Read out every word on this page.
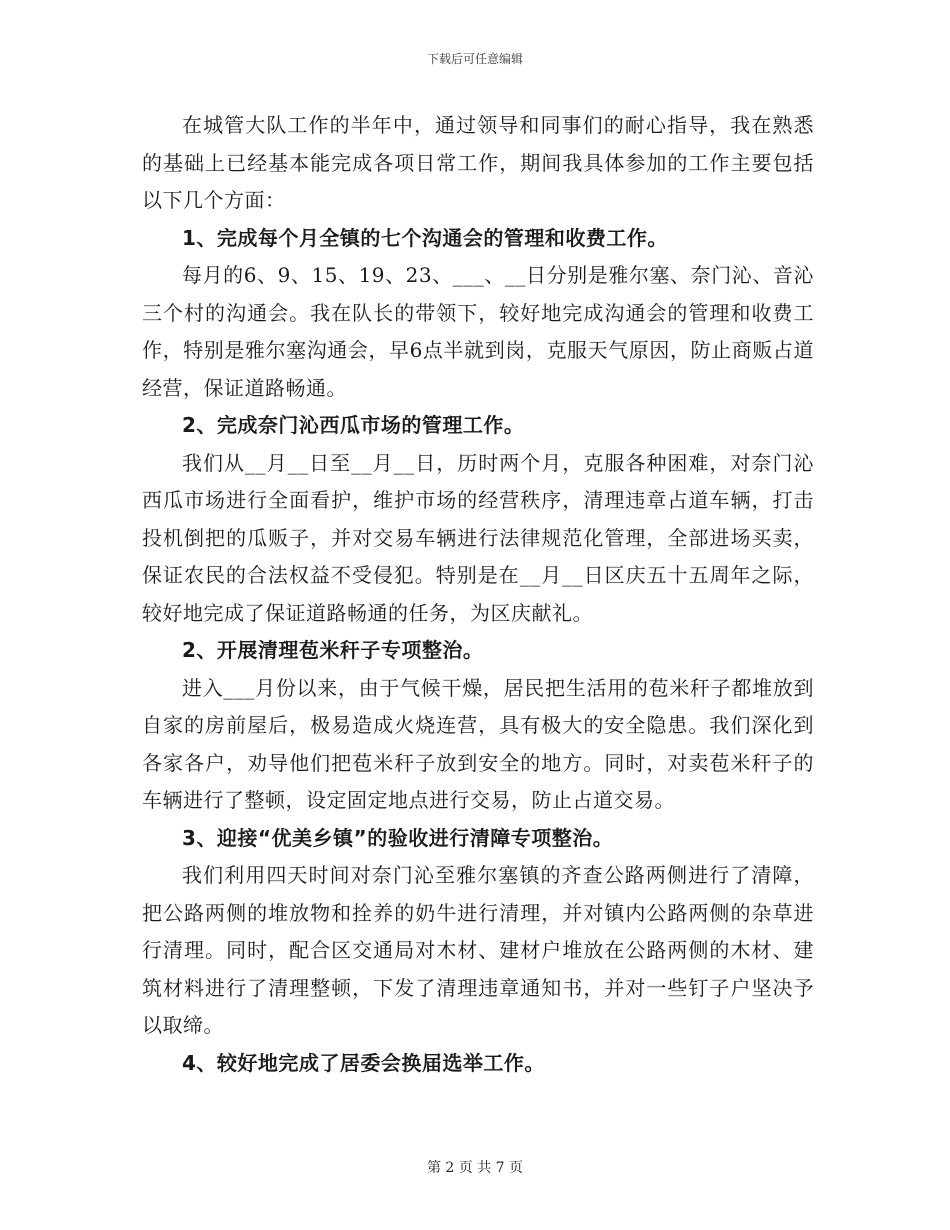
下载后可任意编辑

在城管大队工作的半年中，通过领导和同事们的耐心指导，我在熟悉的基础上已经基本能完成各项日常工作，期间我具体参加的工作主要包括以下几个方面：

1、完成每个月全镇的七个沟通会的管理和收费工作。

每月的6、9、15、19、23、___、__日分别是雅尔塞、奈门沁、音沁三个村的沟通会。我在队长的带领下，较好地完成沟通会的管理和收费工作，特别是雅尔塞沟通会，早6点半就到岗，克服天气原因，防止商贩占道经营，保证道路畅通。

2、完成奈门沁西瓜市场的管理工作。

我们从__月__日至__月__日，历时两个月，克服各种困难，对奈门沁西瓜市场进行全面看护，维护市场的经营秩序，清理违章占道车辆，打击投机倒把的瓜贩子，并对交易车辆进行法律规范化管理，全部进场买卖，保证农民的合法权益不受侵犯。特别是在__月__日区庆五十五周年之际，较好地完成了保证道路畅通的任务，为区庆献礼。

2、开展清理苞米秆子专项整治。

进入___月份以来，由于气候干燥，居民把生活用的苞米秆子都堆放到自家的房前屋后，极易造成火烧连营，具有极大的安全隐患。我们深化到各家各户，劝导他们把苞米秆子放到安全的地方。同时，对卖苞米秆子的车辆进行了整顿，设定固定地点进行交易，防止占道交易。

3、迎接“优美乡镇”的验收进行清障专项整治。

我们利用四天时间对奈门沁至雅尔塞镇的齐查公路两侧进行了清障，把公路两侧的堆放物和拴养的奶牛进行清理，并对镇内公路两侧的杂草进行清理。同时，配合区交通局对木材、建材户堆放在公路两侧的木材、建筑材料进行了清理整顿，下发了清理违章通知书，并对一些钉子户坚决予以取缔。

4、较好地完成了居委会换届选举工作。

第 2 页 共 7 页
